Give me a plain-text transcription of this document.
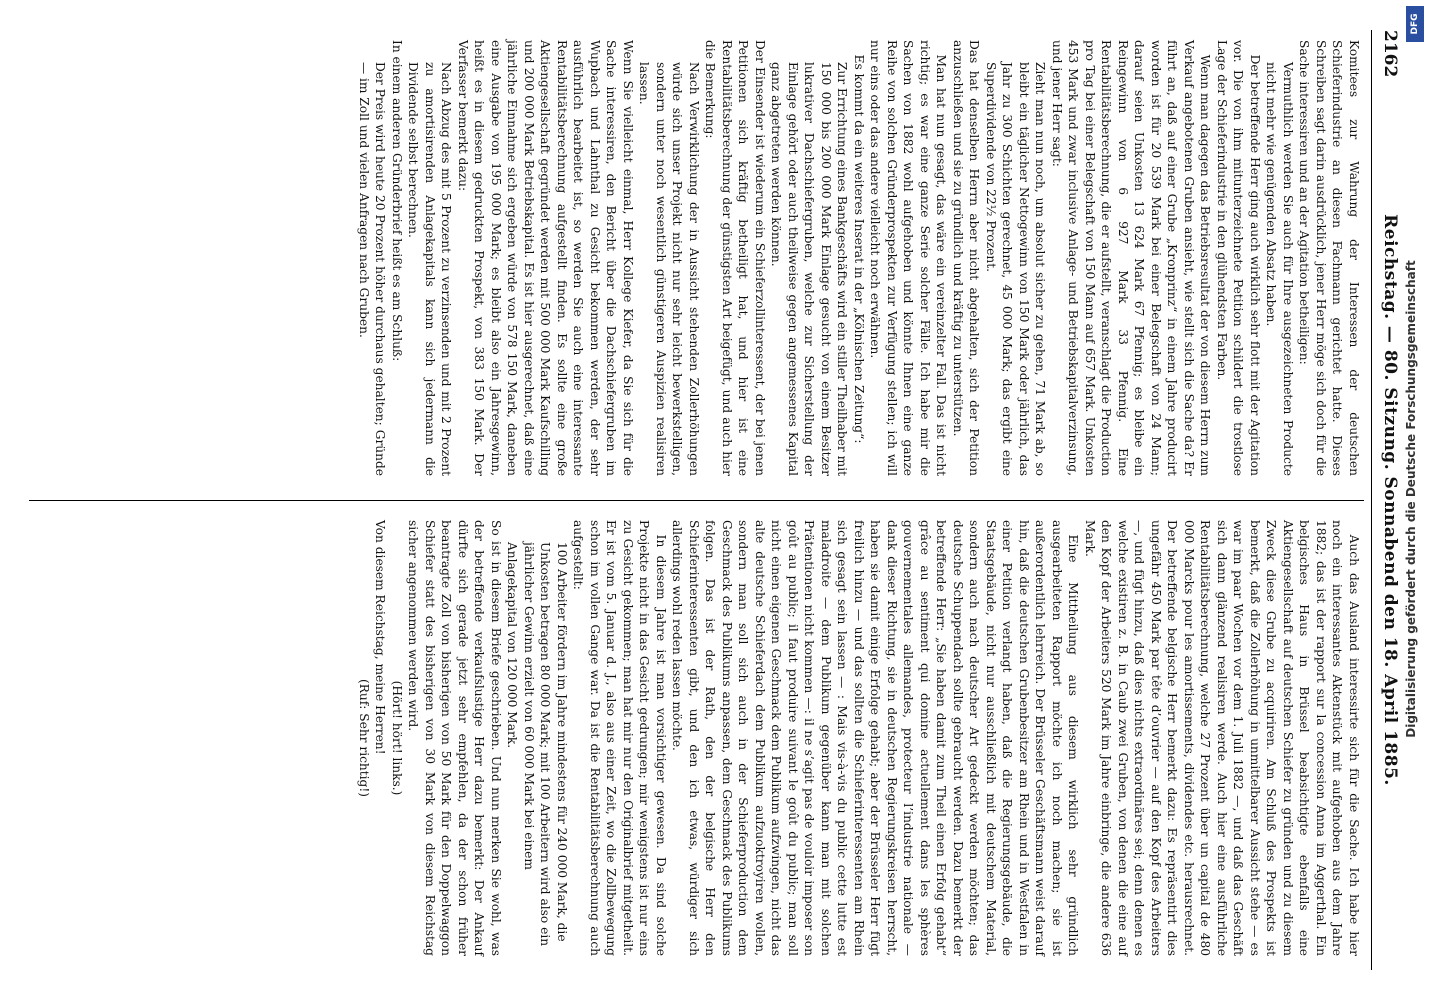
2162
Reichstag. — 80. Sitzung. Sonnabend den 18. April 1885.

Komitees zur Wahrung der Interessen der deutschen Schieferindustrie an diesen Fachmann gerichtet hatte. Dieses Schreiben sagt darin ausdrücklich, jener Herr möge sich doch für die Sache interessiren und an der Agitation betheiligen:

Vermuthlich werden Sie auch für Ihre ausgezeichneten Producte nicht mehr wie genügenden Absatz haben.

Der betreffende Herr ging auch wirklich sehr flott mit der Agitation vor. Die von ihm mitunterzeichnete Petition schildert die trostlose Lage der Schieferindustrie in den glühendsten Farben.

Wenn man dagegen das Betriebsresultat der von diesem Herrn zum Verkauf angebotenen Gruben ansieht, wie stellt sich die Sache da? Er führt an, daß auf einer Grube „Kronprinz“ in einem Jahre producirt worden ist für 20 539 Mark bei einer Belegschaft von 24 Mann; darauf seien Unkosten 13 624 Mark 67 Pfennig; es bleibe ein Reingewinn von 6 927 Mark 33 Pfennig. Eine Rentabilitätsberechnung, die er aufstellt, veranschlagt die Production pro Tag bei einer Belegschaft von 150 Mann auf 657 Mark. Unkosten 453 Mark und zwar inclusive Anlage- und Betriebskapitalverzinsung, und jener Herr sagt:

Zieht man nun noch, um absolut sicher zu gehen, 71 Mark ab, so bleibt ein täglicher Nettogewinn von 150 Mark oder jährlich, das Jahr zu 300 Schichten gerechnet, 45 000 Mark; das ergibt eine Superdividende von 22½ Prozent.

Das hat denselben Herrn aber nicht abgehalten, sich der Petition anzuschließen und sie zu gründlich und kräftig zu unterstützen.

Man hat nun gesagt, das wäre ein vereinzelter Fall. Das ist nicht richtig; es war eine ganze Serie solcher Fälle. Ich habe mir die Sachen von 1882 wohl aufgehoben und könnte Ihnen eine ganze Reihe von solchen Gründerprospekten zur Verfügung stellen; ich will nur eins oder das andere vielleicht noch erwähnen.

Es kommt da ein weiteres Inserat in der „Kölnischen Zeitung“:

Zur Errichtung eines Bankgeschäfts wird ein stiller Theilhaber mit 150 000 bis 200 000 Mark Einlage gesucht von einem Besitzer lukrativer Dachschiefergruben, welche zur Sicherstellung der Einlage gehört oder auch theilweise gegen angemessenes Kapital ganz abgetreten werden können.

Der Einsender ist wiederum ein Schieferzollinteressent, der bei jenen Petitionen sich kräftig betheiligt hat, und hier ist eine Rentabilitätsberechnung der günstigsten Art beigefügt, und auch hier die Bemerkung:

Nach Verwirklichung der in Aussicht stehenden Zollerhöhungen würde sich unser Projekt nicht nur sehr leicht bewerkstelligen, sondern unter noch wesentlich günstigeren Auspizien realisiren lassen.

Wenn Sie vielleicht einmal, Herr Kollege Kiefer, da Sie sich für die Sache interessiren, den Bericht über die Dachschiefergruben im Wupbach und Lahnthal zu Gesicht bekommen werden, der sehr ausführlich bearbeitet ist, so werden Sie auch eine interessante Rentabilitätsberechnung aufgestellt finden. Es sollte eine große Aktiengesellschaft gegründet werden mit 500 000 Mark Kaufschilling und 200 000 Mark Betriebskapital. Es ist hier ausgerechnet, daß eine jährliche Einnahme sich ergeben würde von 578 150 Mark, daneben eine Ausgabe von 195 000 Mark; es bleibt also ein Jahresgewinn, heißt es in diesem gedruckten Prospekt, von 383 150 Mark. Der Verfasser bemerkt dazu:

Nach Abzug des mit 5 Prozent zu verzinsenden und mit 2 Prozent zu amortisirenden Anlagekapitals kann sich jedermann die Dividende selbst berechnen.

In einem anderen Gründerbrief heißt es am Schluß:

Der Preis wird heute 20 Prozent höher durchaus gehalten; Gründe — im Zoll und vielen Anfragen nach Gruben.

Auch das Ausland interessirte sich für die Sache. Ich habe hier noch ein interessantes Aktenstück mit aufgehoben aus dem Jahre 1882; das ist der rapport sur la concession Anna im Aggerthal. Ein belgisches Haus in Brüssel beabsichtigte ebenfalls eine Aktiengesellschaft auf deutschen Schiefer zu gründen und zu diesem Zweck diese Grube zu acquiriren. Am Schluß des Prospekts ist bemerkt, daß die Zollerhöhung in unmittelbarer Aussicht stehe — es war im paar Wochen vor dem 1. Juli 1882 —, und daß das Geschäft sich dann glänzend realisiren werde. Auch hier eine ausführliche Rentabilitätsberechnung, welche 27 Prozent über un capital de 480 000 Marcks pour les amortissements, dividendes etc. herausrechnet. Der betreffende belgische Herr bemerkt dazu: Es repräsentirt dies ungefähr 450 Mark par tête d’ouvrier — auf den Kopf des Arbeiters —, und fügt hinzu, daß dies nichts extraordinäres sei; denn denen es welche existiren z. B. in Caub zwei Gruben, von denen die eine auf den Kopf der Arbeiters 520 Mark im Jahre einbringe, die andere 636 Mark.

Eine Mittheilung aus diesem wirklich sehr gründlich ausgearbeiteten Rapport möchte ich noch machen; sie ist außerordentlich lehrreich. Der Brüsseler Geschäftsmann weist darauf hin, daß die deutschen Grubenbesitzer am Rhein und in Westfalen in einer Petition verlangt haben, daß die Regierungsgebäude, die Staatsgebäude, nicht nur ausschließlich mit deutschem Material, sondern auch nach deutscher Art gedeckt werden möchten; das deutsche Schuppendach sollte gebraucht werden. Dazu bemerkt der betreffende Herr: „Sie haben damit zum Theil einen Erfolg gehabt“ grâce au sentiment qui domine actuellement dans les sphères gouvernementales allemandes, protecteur l’industrie nationale — dank dieser Richtung, sie in deutschen Regierungskreisen herrscht, haben sie damit einige Erfolge gehabt; aber der Brüsseler Herr fügt freilich hinzu — und das sollten die Schieferinteressenten am Rhein sich gesagt sein lassen — : Mais vis-à-vis du public cette lutte est maladroite — dem Publikum gegenüber kann man mit solchen Prätentionen nicht kommen —: il ne s’agit pas de vouloir imposer son goût au public; il faut produire suivant le goût du public; man soll nicht einen eigenen Geschmack dem Publikum aufzwingen, nicht das alte deutsche Schieferdach dem Publikum aufzuoktroyiren wollen, sondern man soll sich auch in der Schieferproduction dem Geschmack des Publikums anpassen, dem Geschmack des Publikums folgen. Das ist der Rath, den der belgische Herr den Schieferinteressenten gibt, und den ich etwas, würdiger sich allerdings wohl reden lassen möchte.

In diesem Jahre ist man vorsichtiger gewesen. Da sind solche Projekte nicht in das Gesicht gedrungen; mir wenigstens ist nur eins zu Gesicht gekommen; man hat mir nur den Originalbrief mitgetheilt. Er ist vom 5. Januar d. J., also aus einer Zeit, wo die Zollbewegung schon im vollen Gange war. Da ist die Rentabilitätsberechnung auch aufgestellt:

100 Arbeiter fördern im Jahre mindestens für 240 000 Mark, die Unkosten betragen 80 000 Mark; mit 100 Arbeitern wird also ein jährlicher Gewinn erzielt von 60 000 Mark bei einem Anlagekapital von 120 000 Mark.

So ist in diesem Briefe geschrieben. Und nun merken Sie wohl, was der betreffende verkaufslustige Herr dazu bemerkt: Der Ankauf dürfte sich gerade jetzt sehr empfehlen, da der schon früher beantragte Zoll von bisherigen von 50 Mark für den Doppelwaggon Schiefer statt des bisherigen von 30 Mark von diesem Reichstag sicher angenommen werden wird.

(Hört! hört! links.)

Von diesem Reichstag, meine Herren!

(Ruf: Sehr richtig!)

Digitalisierung gefördert durch die Deutsche Forschungsgemeinschaft
DFG
